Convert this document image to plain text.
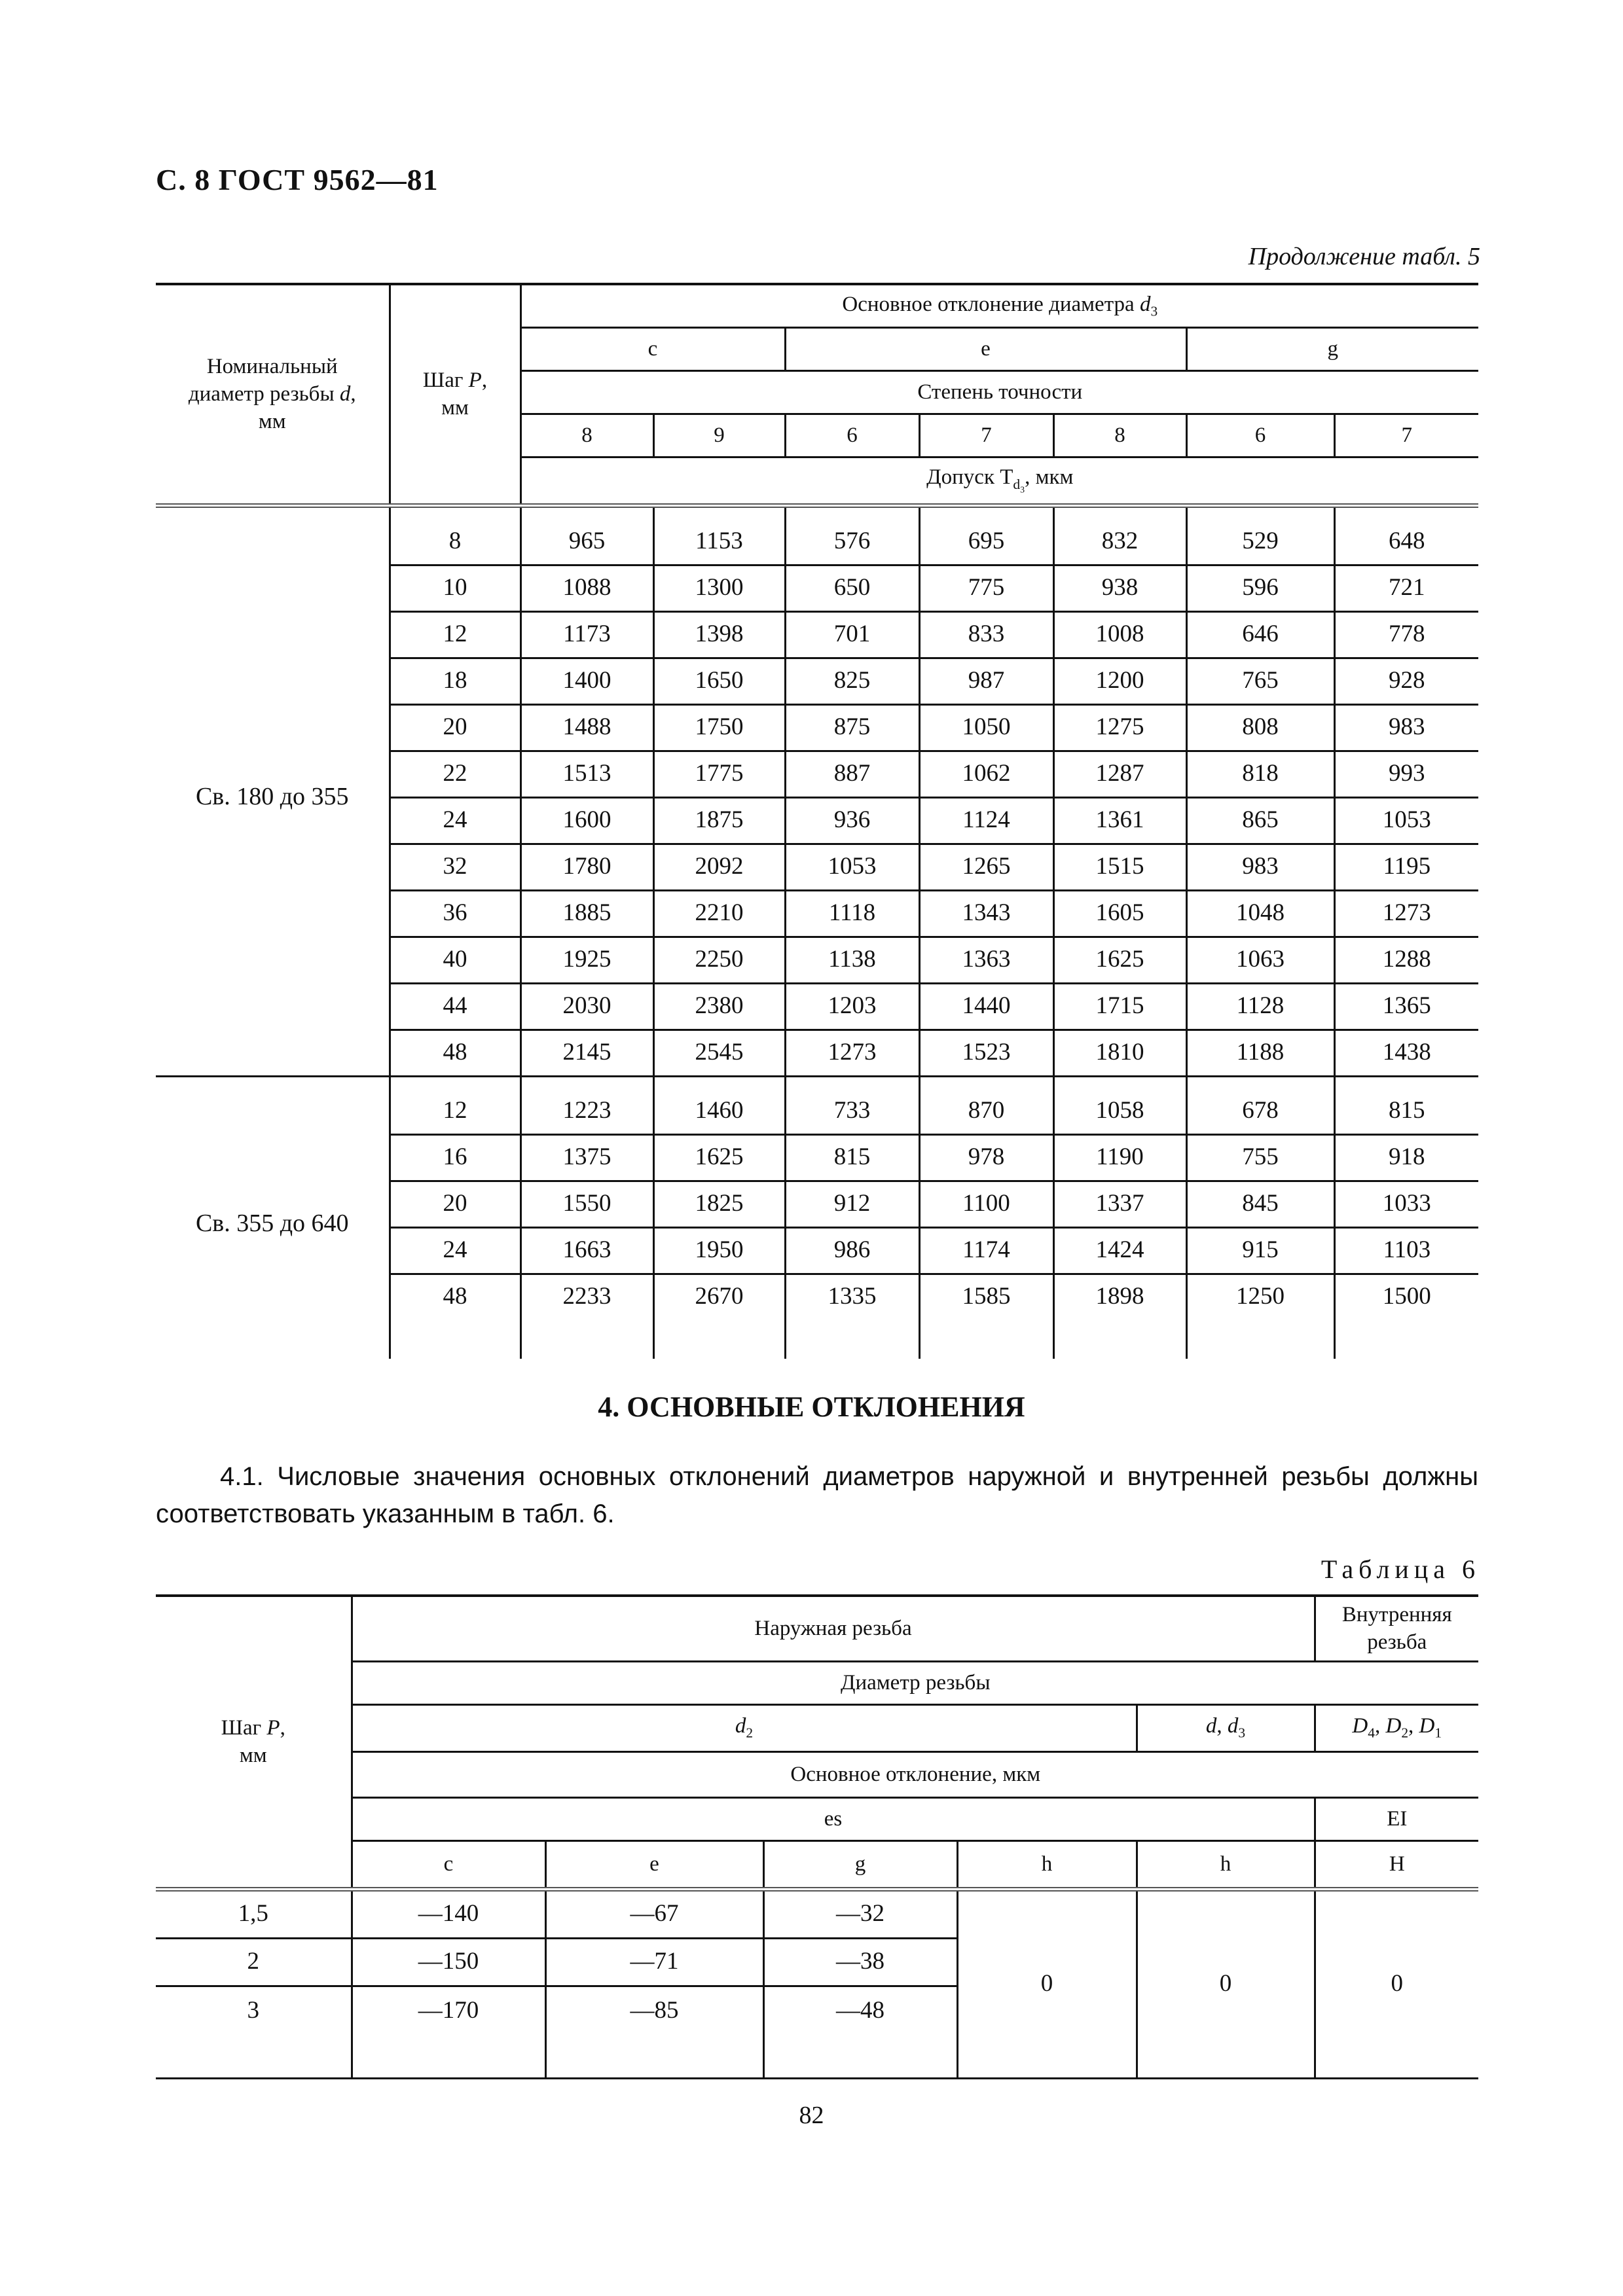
С. 8 ГОСТ 9562—81
Продолжение табл. 5
Номинальный
диаметр резьбы d,
мм	Шаг P,
мм	Основное отклонение диаметра $d_3$
		c		e			g	
		Степень точности						
		8	9	6	7	8	6	7
		Допуск $T_{d_3}$, мкм						

Св. 180 до 355	8	965	1153	576	695	832	529	648
	10	1088	1300	650	775	938	596	721
	12	1173	1398	701	833	1008	646	778
	18	1400	1650	825	987	1200	765	928
	20	1488	1750	875	1050	1275	808	983
	22	1513	1775	887	1062	1287	818	993
	24	1600	1875	936	1124	1361	865	1053
	32	1780	2092	1053	1265	1515	983	1195
	36	1885	2210	1118	1343	1605	1048	1273
	40	1925	2250	1138	1363	1625	1063	1288
	44	2030	2380	1203	1440	1715	1128	1365
	48	2145	2545	1273	1523	1810	1188	1438

Св. 355 до 640	12	1223	1460	733	870	1058	678	815
	16	1375	1625	815	978	1190	755	918
	20	1550	1825	912	1100	1337	845	1033
	24	1663	1950	986	1174	1424	915	1103
	48	2233	2670	1335	1585	1898	1250	1500

4. ОСНОВНЫЕ ОТКЛОНЕНИЯ
4.1. Числовые значения основных отклонений диаметров наружной и внутренней резьбы должны соответствовать указанным в табл. 6.
Таблица 6
Шаг P,
мм	Наружная резьба					Внутренняя
резьба
	Диаметр резьбы					
	$d_2$				d, $d_3$	$D_4$, $D_2$, $D_1$
	Основное отклонение, мкм					
	es					EI
	c	e	g	h	h	H
1,5	—140	—67	—32	0	0	0
2	—150	—71	—38			
3	—170	—85	—48			

82
